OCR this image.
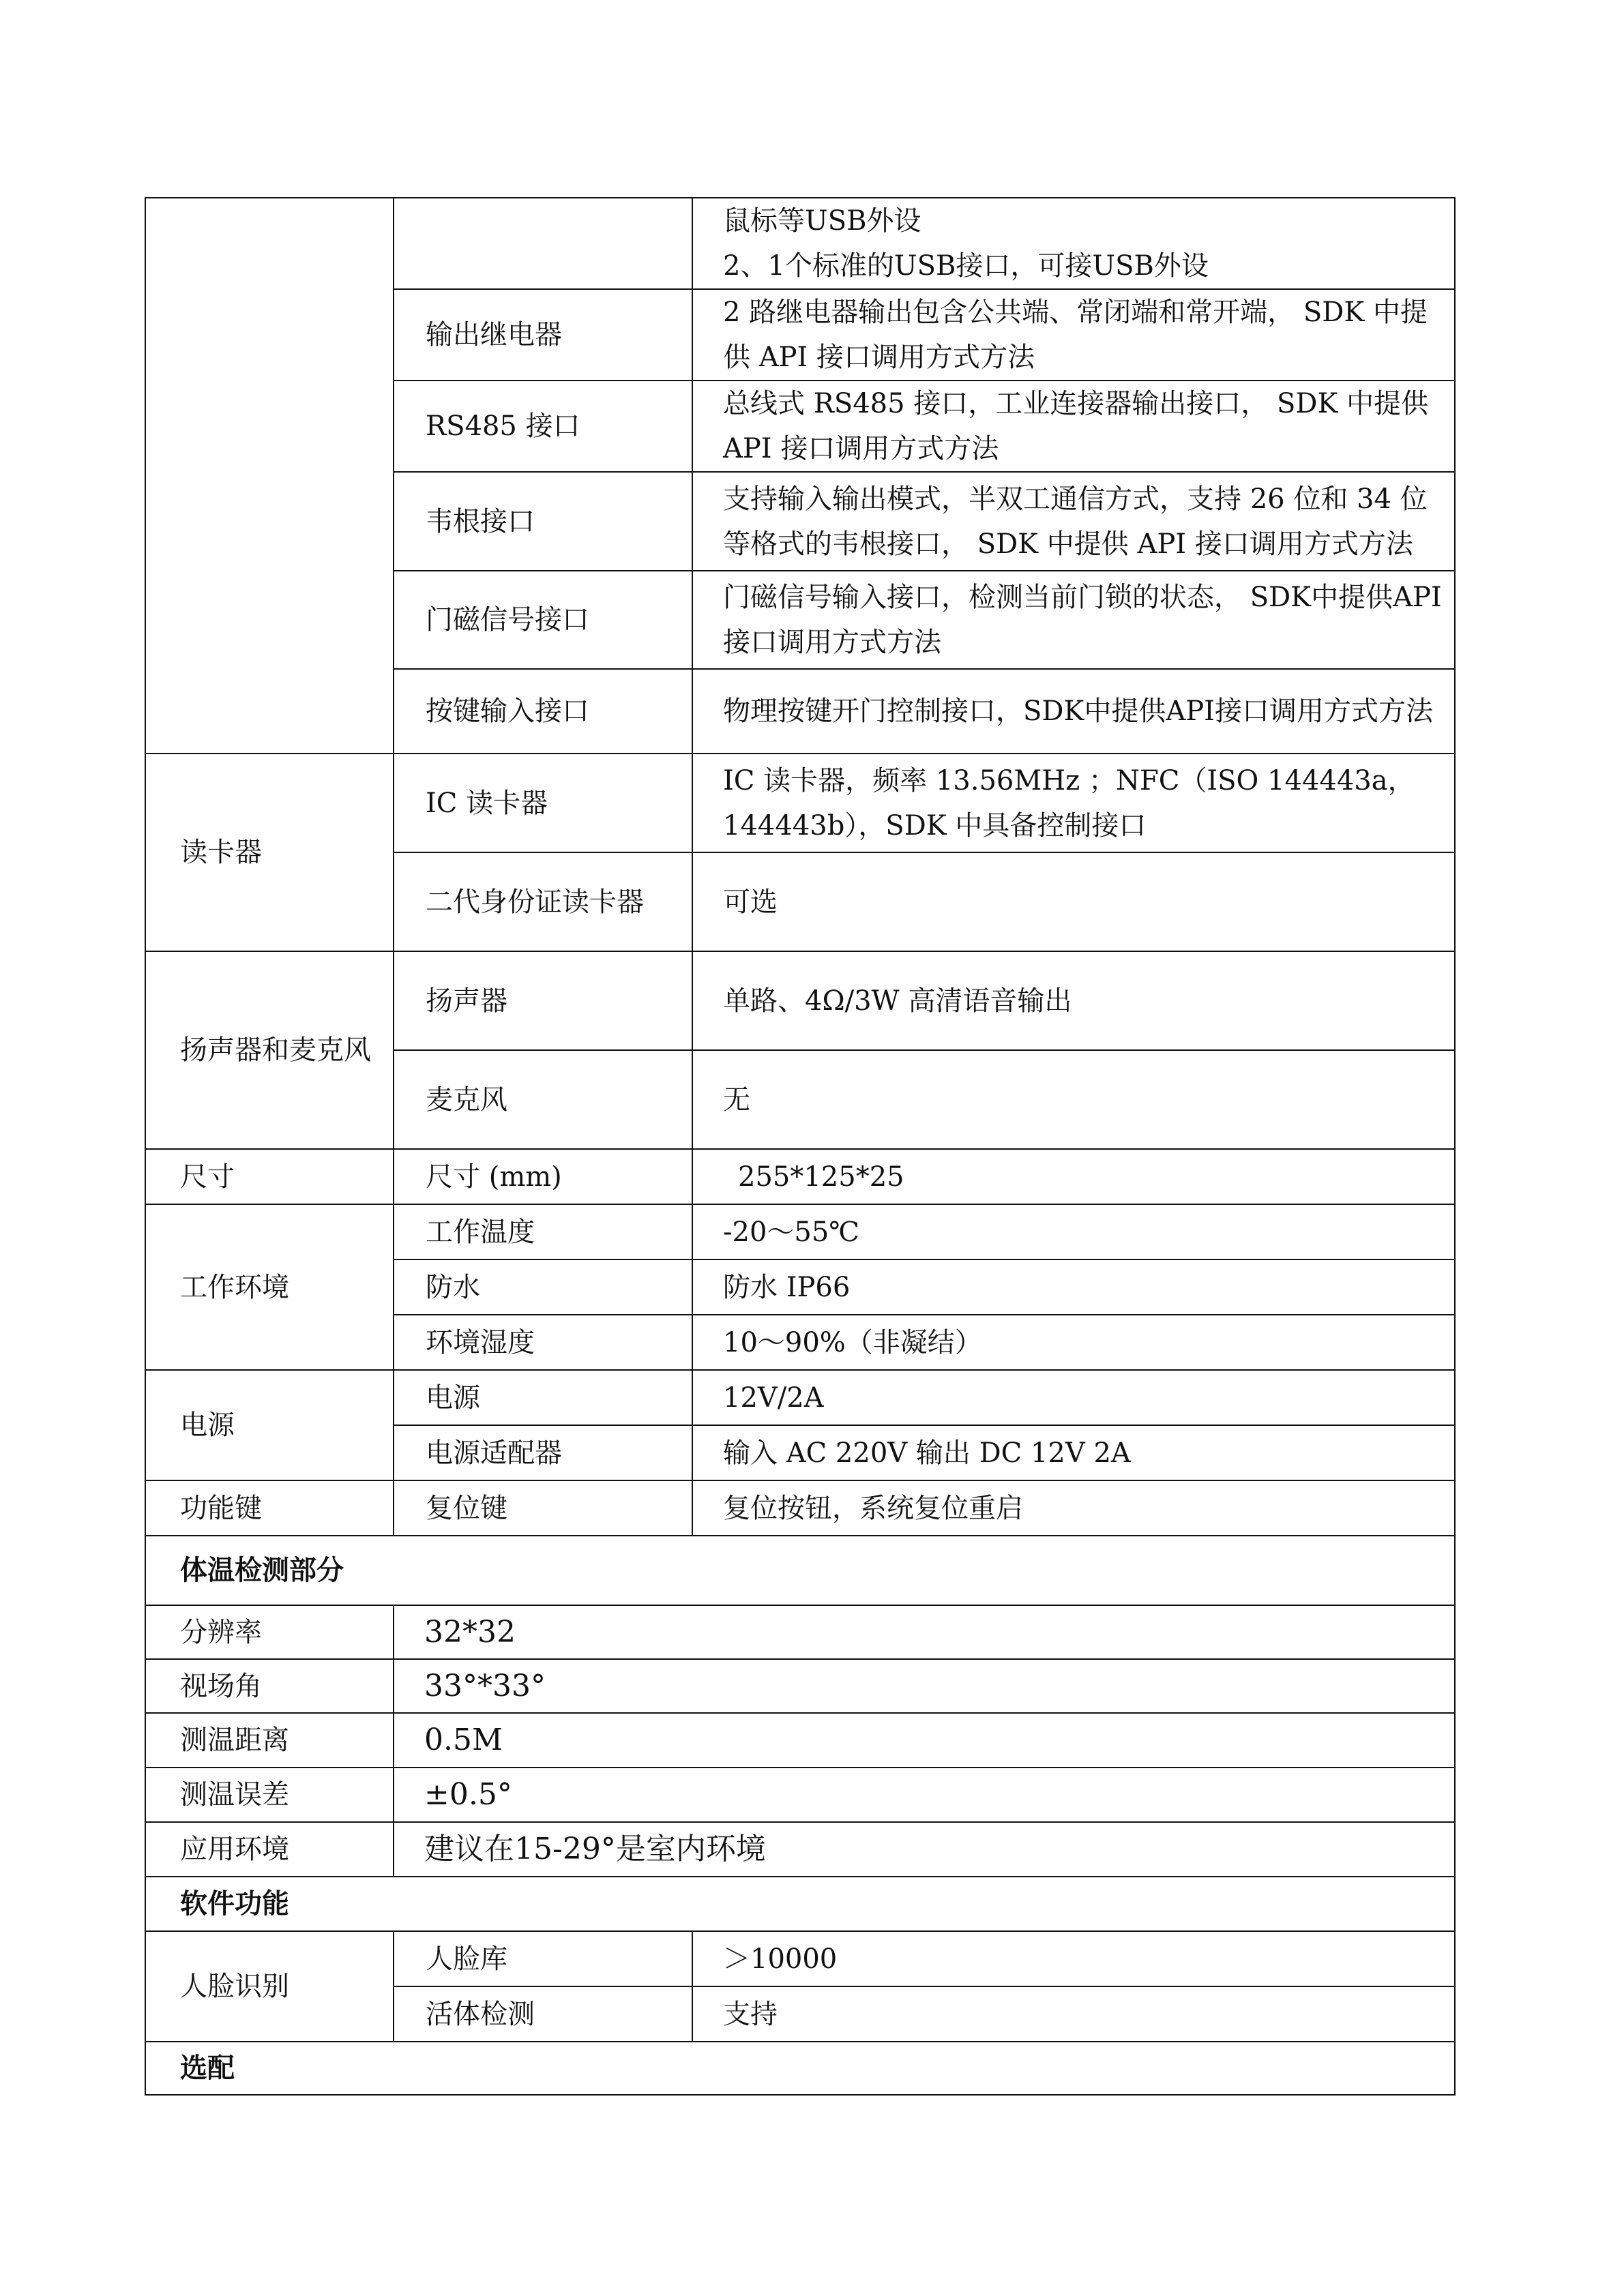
		鼠标等USB外设
2、1个标准的USB接口，可接USB外设

	输出继电器	2 路继电器输出包含公共端、常闭端和常开端， SDK 中提供 API 接口调用方式方法
	RS485 接口	总线式 RS485 接口，工业连接器输出接口， SDK 中提供 API 接口调用方式方法
	韦根接口	支持输入输出模式，半双工通信方式，支持 26 位和 34 位等格式的韦根接口， SDK 中提供 API 接口调用方式方法
	门磁信号接口	门磁信号输入接口，检测当前门锁的状态， SDK中提供API接口调用方式方法
	按键输入接口	物理按键开门控制接口，SDK中提供API接口调用方式方法
读卡器	IC 读卡器	IC 读卡器，频率 13.56MHz ；NFC（ISO 144443a，144443b），SDK 中具备控制接口
	二代身份证读卡器	可选
扬声器和麦克风	扬声器	单路、4Ω/3W 高清语音输出
	麦克风	无
尺寸	尺寸 (mm)	255*125*25
工作环境	工作温度	-20～55℃
	防水	防水 IP66
	环境湿度	10～90%（非凝结）
电源	电源	12V/2A
	电源适配器	输入 AC 220V 输出 DC 12V 2A
功能键	复位键	复位按钮，系统复位重启
体温检测部分		
分辨率	32*32	
视场角	33°*33°	
测温距离	0.5M	
测温误差	±0.5°	
应用环境	建议在15-29°是室内环境	
软件功能		
人脸识别	人脸库	＞10000
	活体检测	支持
选配		
